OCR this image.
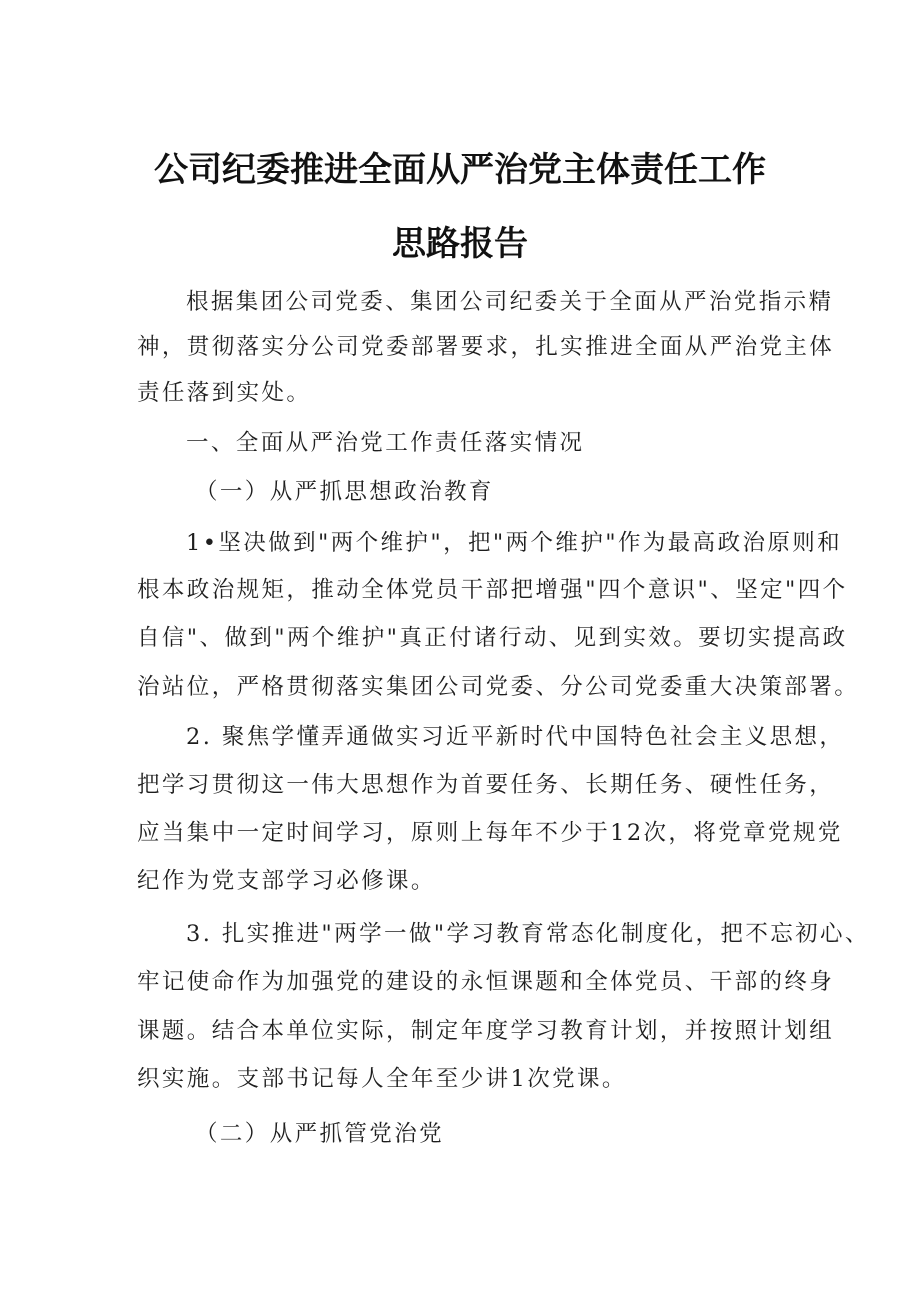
公司纪委推进全面从严治党主体责任工作
思路报告
根据集团公司党委、集团公司纪委关于全面从严治党指示精
神，贯彻落实分公司党委部署要求，扎实推进全面从严治党主体
责任落到实处。
一、全面从严治党工作责任落实情况
（一）从严抓思想政治教育
1•坚决做到"两个维护"，把"两个维护"作为最高政治原则和
根本政治规矩，推动全体党员干部把增强"四个意识"、坚定"四个
自信"、做到"两个维护"真正付诸行动、见到实效。要切实提高政
治站位，严格贯彻落实集团公司党委、分公司党委重大决策部署。
2. 聚焦学懂弄通做实习近平新时代中国特色社会主义思想，
把学习贯彻这一伟大思想作为首要任务、长期任务、硬性任务，
应当集中一定时间学习，原则上每年不少于12次，将党章党规党
纪作为党支部学习必修课。
3. 扎实推进"两学一做"学习教育常态化制度化，把不忘初心、
牢记使命作为加强党的建设的永恒课题和全体党员、干部的终身
课题。结合本单位实际，制定年度学习教育计划，并按照计划组
织实施。支部书记每人全年至少讲1次党课。
（二）从严抓管党治党
